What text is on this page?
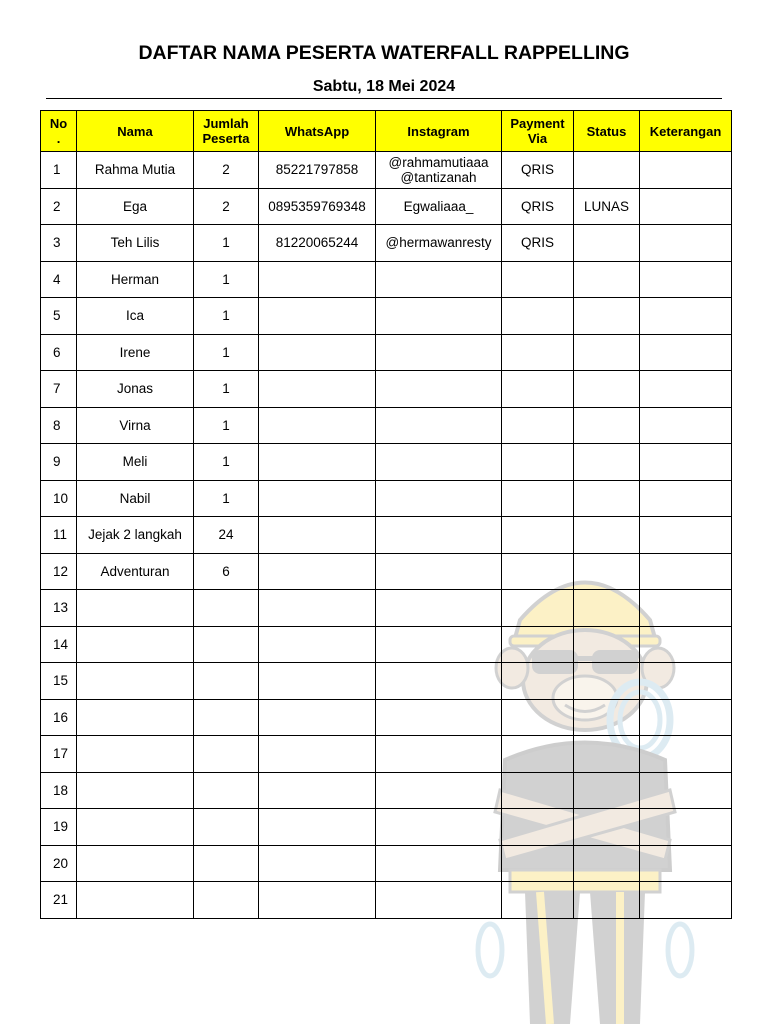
DAFTAR NAMA PESERTA WATERFALL RAPPELLING
Sabtu, 18 Mei 2024
No
.	Nama	Jumlah Peserta	WhatsApp	Instagram	Payment Via	Status	Keterangan
1	Rahma Mutia	2	85221797858	@rahmamutiaaa
@tantizanah	QRIS		
2	Ega	2	0895359769348	Egwaliaaa_	QRIS	LUNAS	
3	Teh Lilis	1	81220065244	@hermawanresty	QRIS		
4	Herman	1					
5	Ica	1					
6	Irene	1					
7	Jonas	1					
8	Virna	1					
9	Meli	1					
10	Nabil	1					
11	Jejak 2 langkah	24					
12	Adventuran	6					
13							
14							
15							
16							
17							
18							
19							
20							
21							
